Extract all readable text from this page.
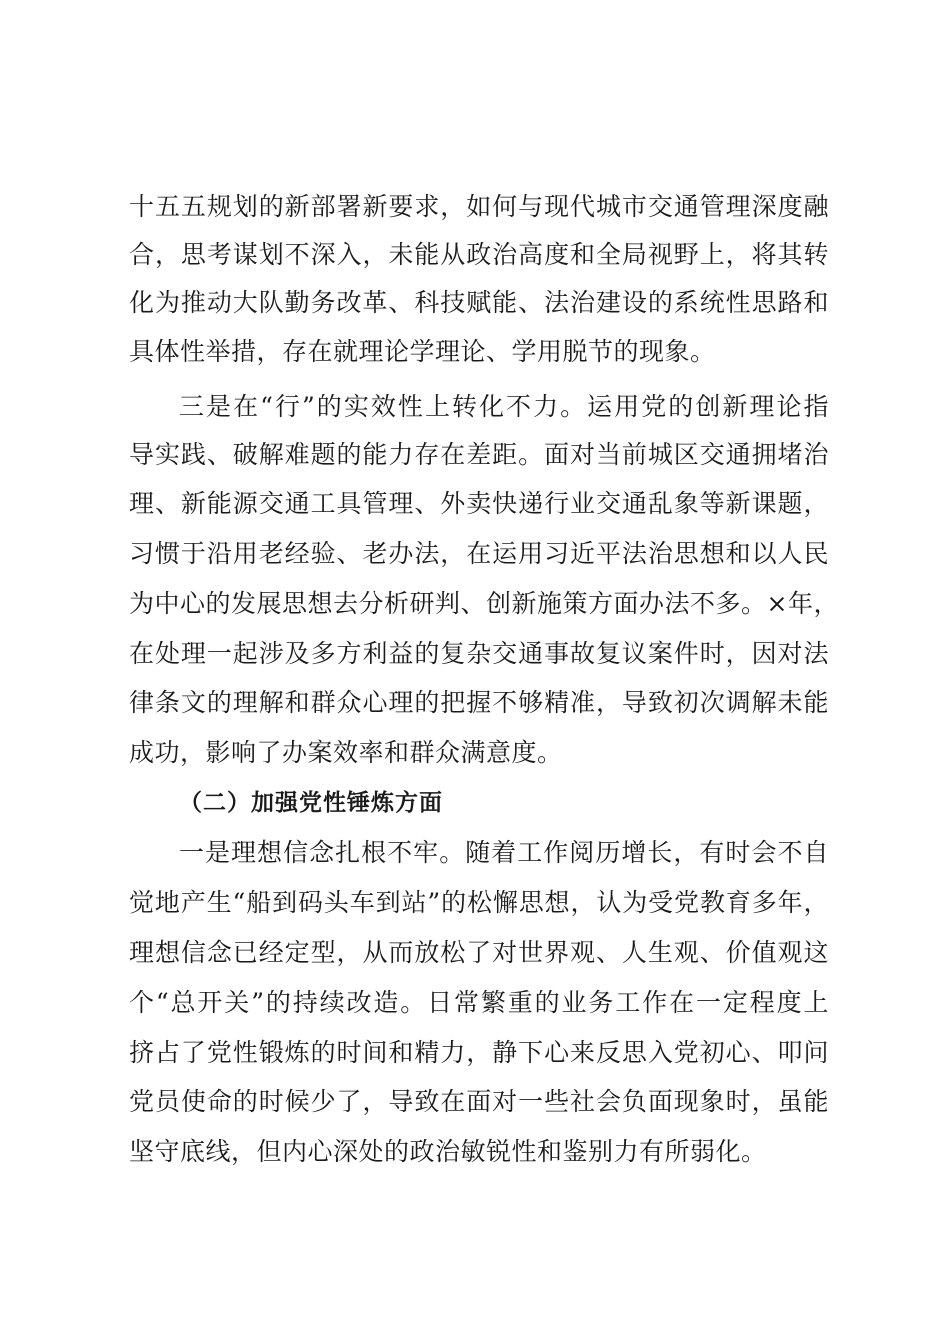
十五五规划的新部署新要求，如何与现代城市交通管理深度融
合，思考谋划不深入，未能从政治高度和全局视野上，将其转
化为推动大队勤务改革、科技赋能、法治建设的系统性思路和
具体性举措，存在就理论学理论、学用脱节的现象。
三是在“行”的实效性上转化不力。运用党的创新理论指
导实践、破解难题的能力存在差距。面对当前城区交通拥堵治
理、新能源交通工具管理、外卖快递行业交通乱象等新课题，
习惯于沿用老经验、老办法，在运用习近平法治思想和以人民
为中心的发展思想去分析研判、创新施策方面办法不多。×年，
在处理一起涉及多方利益的复杂交通事故复议案件时，因对法
律条文的理解和群众心理的把握不够精准，导致初次调解未能
成功，影响了办案效率和群众满意度。
（二）加强党性锤炼方面
一是理想信念扎根不牢。随着工作阅历增长，有时会不自
觉地产生“船到码头车到站”的松懈思想，认为受党教育多年，
理想信念已经定型，从而放松了对世界观、人生观、价值观这
个“总开关”的持续改造。日常繁重的业务工作在一定程度上
挤占了党性锻炼的时间和精力，静下心来反思入党初心、叩问
党员使命的时候少了，导致在面对一些社会负面现象时，虽能
坚守底线，但内心深处的政治敏锐性和鉴别力有所弱化。
